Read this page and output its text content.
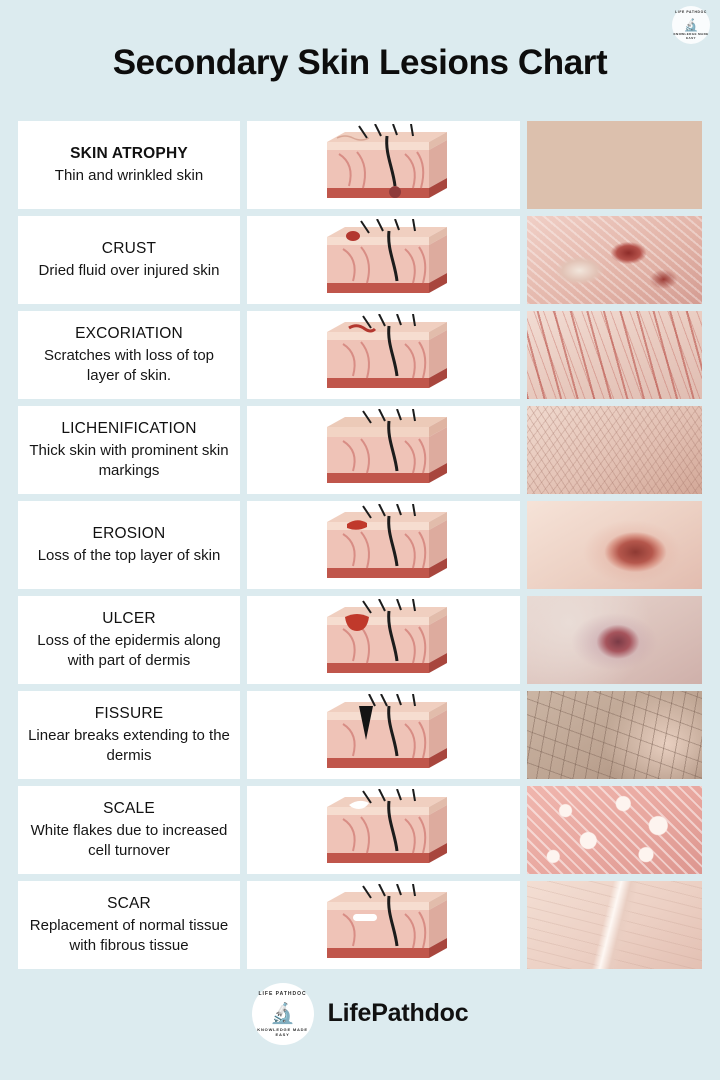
LIFE PATHDOC
🔬
KNOWLEDGE MADE EASY
Secondary Skin Lesions Chart
SKIN ATROPHY
Thin and wrinkled skin
CRUST
Dried fluid over injured skin
EXCORIATION
Scratches with loss of top layer of skin.
LICHENIFICATION
Thick skin with prominent skin markings
EROSION
Loss of the top layer of skin
ULCER
Loss of the epidermis along with part of dermis
FISSURE
Linear breaks extending to the dermis
SCALE
White flakes due to increased cell turnover
SCAR
Replacement of normal tissue with fibrous tissue
LIFE PATHDOC
🔬
KNOWLEDGE MADE EASY
LifePathdoc
